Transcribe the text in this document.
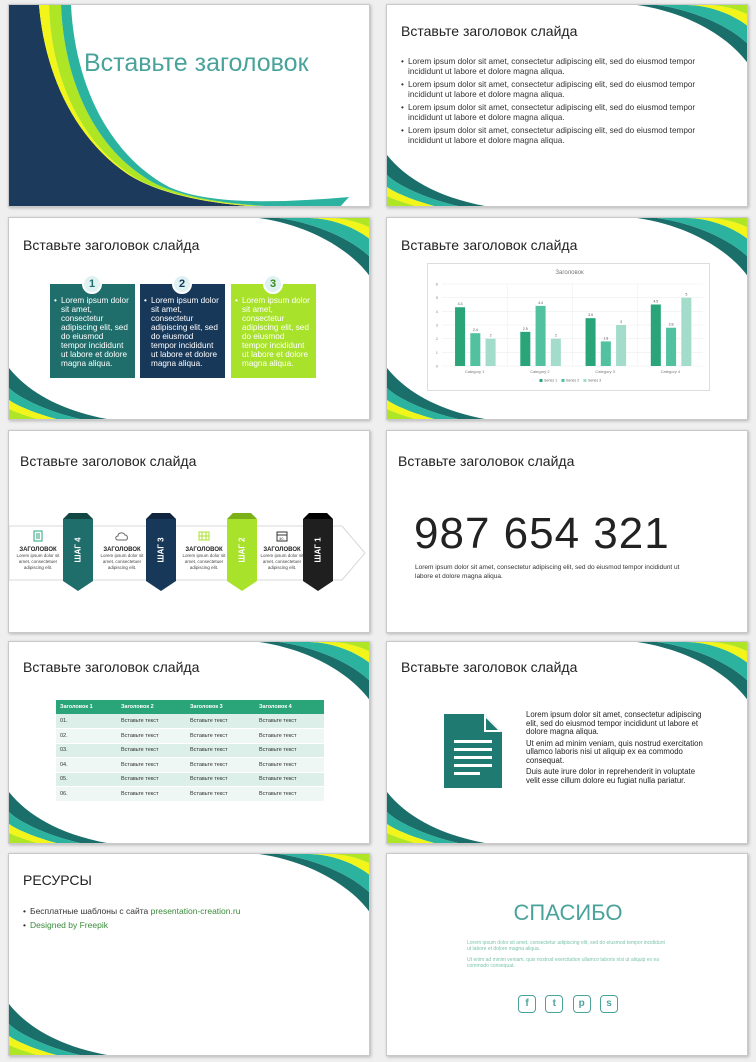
Вставьте заголовок
Вставьте заголовок слайда
• Lorem ipsum dolor sit amet, consectetur adipiscing elit, sed do eiusmod tempor incididunt ut labore et dolore magna aliqua.
• Lorem ipsum dolor sit amet, consectetur adipiscing elit, sed do eiusmod tempor incididunt ut labore et dolore magna aliqua.
• Lorem ipsum dolor sit amet, consectetur adipiscing elit, sed do eiusmod tempor incididunt ut labore et dolore magna aliqua.
• Lorem ipsum dolor sit amet, consectetur adipiscing elit, sed do eiusmod tempor incididunt ut labore et dolore magna aliqua.
Вставьте заголовок слайда
1
• Lorem ipsum dolor sit amet, consectetur adipiscing elit, sed do eiusmod tempor incididunt ut labore et dolore magna aliqua.
2
• Lorem ipsum dolor sit amet, consectetur adipiscing elit, sed do eiusmod tempor incididunt ut labore et dolore magna aliqua.
3
• Lorem ipsum dolor sit amet, consectetur adipiscing elit, sed do eiusmod tempor incididunt ut labore et dolore magna aliqua.
Вставьте заголовок слайда
Заголовок
0
1
2
3
4
5
6
4.3
2.4
2
Category 1
2.5
4.4
2
Category 2
3.5
1.8
3
Category 3
4.5
2.8
5
Category 4
Series 1 Series 2 Series 3
Вставьте заголовок слайда
ШАГ 4	ШАГ 3	ШАГ 2	ШАГ 1
ЗАГОЛОВОК
Lorem ipsum dolor sit amet, consectetuer adipiscing elit.
ЗАГОЛОВОК
Lorem ipsum dolor sit amet, consectetuer adipiscing elit.
ЗАГОЛОВОК
Lorem ipsum dolor sit amet, consectetuer adipiscing elit.
30
ЗАГОЛОВОК
Lorem ipsum dolor sit amet, consectetuer adipiscing elit.
Вставьте заголовок слайда
987 654 321
Lorem ipsum dolor sit amet, consectetur adipiscing elit, sed do eiusmod tempor incididunt ut labore et dolore magna aliqua.
Вставьте заголовок слайда
Заголовок 1	Заголовок 2	Заголовок 3	Заголовок 4
01.	Вставьте текст	Вставьте текст	Вставьте текст
02.	Вставьте текст	Вставьте текст	Вставьте текст
03.	Вставьте текст	Вставьте текст	Вставьте текст
04.	Вставьте текст	Вставьте текст	Вставьте текст
05.	Вставьте текст	Вставьте текст	Вставьте текст
06.	Вставьте текст	Вставьте текст	Вставьте текст
Вставьте заголовок слайда

Lorem ipsum dolor sit amet, consectetur adipiscing elit, sed do eiusmod tempor incididunt ut labore et dolore magna aliqua.

Ut enim ad minim veniam, quis nostrud exercitation ullamco laboris nisi ut aliquip ex ea commodo consequat.

Duis aute irure dolor in reprehenderit in voluptate velit esse cillum dolore eu fugiat nulla pariatur.

РЕСУРСЫ
• Бесплатные шаблоны с сайта presentation-creation.ru
• Designed by Freepik	СПАСИБО
Lorem ipsum dolor sit amet, consectetur adipiscing elit, sed do eiusmod tempor incididunt ut labore et dolore magna aliqua.
Ut enim ad minim veniam, quis nostrud exercitation ullamco laboris nisi ut aliquip ex ea commodo consequat.
f	t	p	s
